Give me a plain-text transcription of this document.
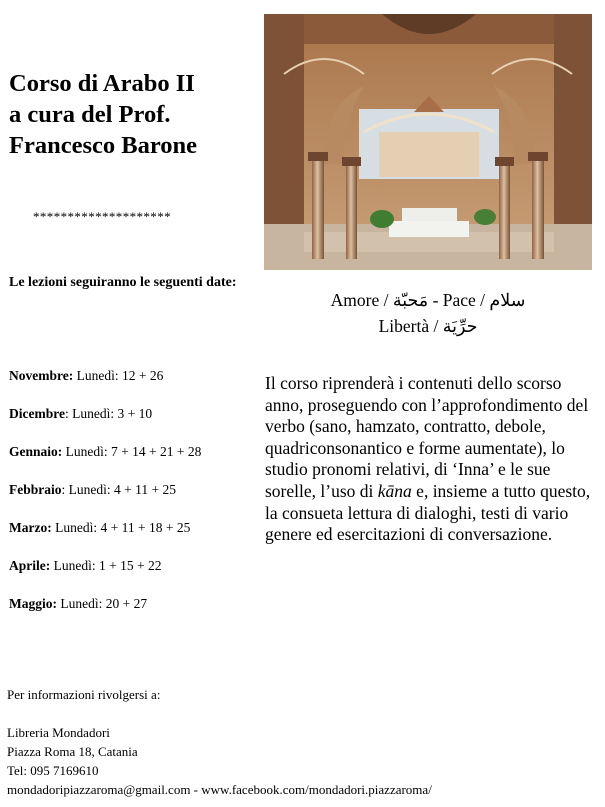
Corso di Arabo II
a cura del Prof.
Francesco Barone
********************
Le lezioni seguiranno le seguenti date:
Novembre: Lunedì: 12 + 26
Dicembre: Lunedì: 3 + 10
Gennaio: Lunedì: 7 + 14 + 21 + 28
Febbraio: Lunedì: 4 + 11 + 25
Marzo: Lunedì: 4 + 11 + 18 + 25
Aprile: Lunedì: 1 + 15 + 22
Maggio: Lunedì: 20 + 27
Amore / مَحبّة - Pace / سلام
Libertà / حرِّيَة
Il corso riprenderà i contenuti dello scorso anno, proseguendo con l’approfondimento del verbo (sano, hamzato, contratto, debole, quadriconsonantico e forme aumentate), lo studio pronomi relativi, di ‘Inna’ e le sue sorelle, l’uso di kāna e, insieme a tutto questo, la consueta lettura di dialoghi, testi di vario genere ed esercitazioni di conversazione.
Per informazioni rivolgersi a:
Libreria Mondadori
Piazza Roma 18, Catania
Tel: 095 7169610
mondadoripiazzaroma@gmail.com - www.facebook.com/mondadori.piazzaroma/
